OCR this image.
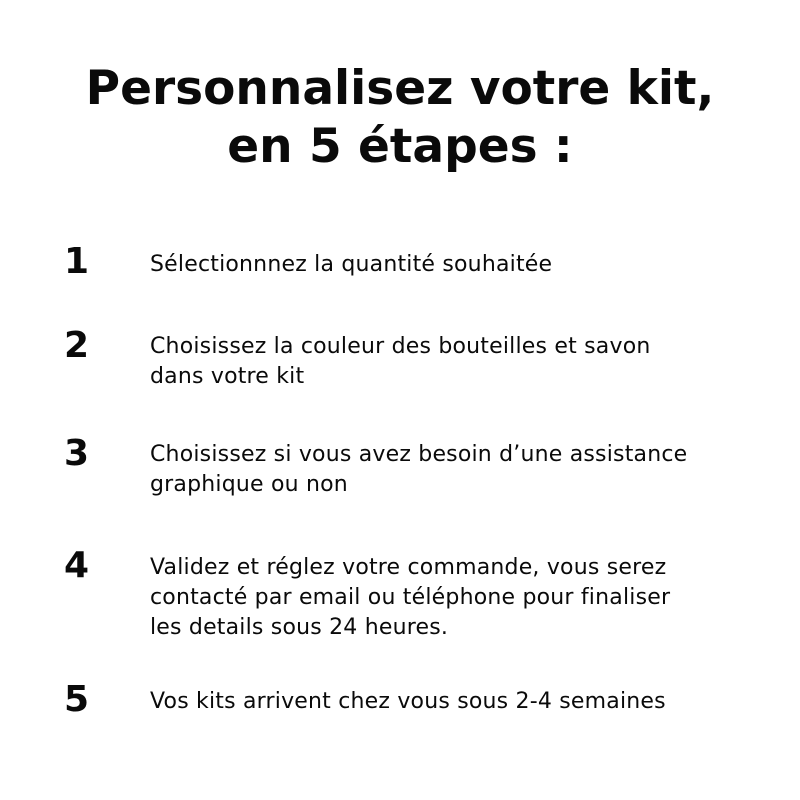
Personnalisez votre kit,
en 5 étapes :
1	Sélectionnnez la quantité souhaitée
2	Choisissez la couleur des bouteilles et savon
dans votre kit
3	Choisissez si vous avez besoin d’une assistance
graphique ou non
4	Validez et réglez votre commande, vous serez
contacté par email ou téléphone pour finaliser
les details sous 24 heures.
5	Vos kits arrivent chez vous sous 2-4 semaines
